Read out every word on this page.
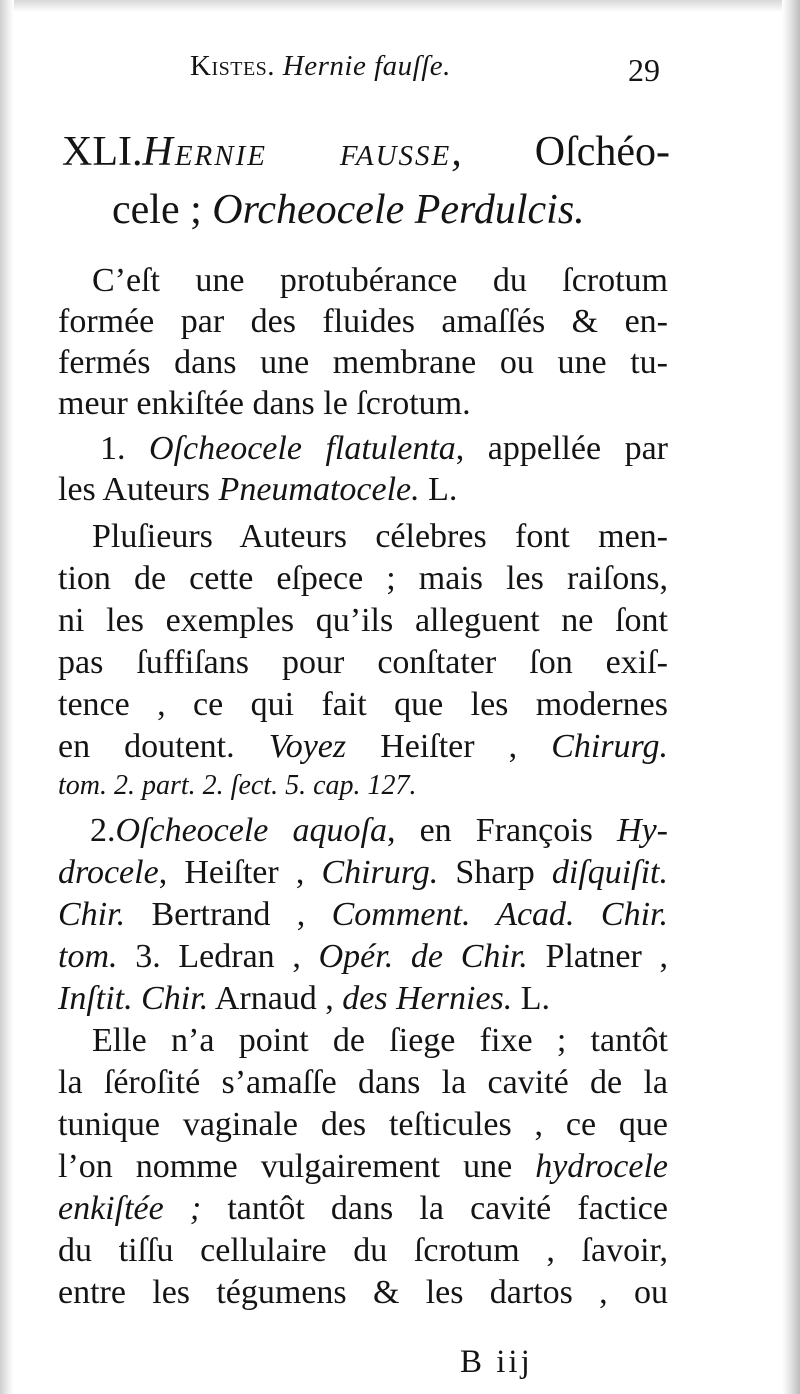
Kistes. Hernie fauſſe.	29
XLI.Hernie fausse, Oſchéo-
cele ; Orcheocele Perdulcis.
C’eſt une protubérance du ſcrotum
formée par des fluides amaſſés & en-
fermés dans une membrane ou une tu-
meur enkiſtée dans le ſcrotum.
1. Oſcheocele flatulenta, appellée par
les Auteurs Pneumatocele. L.
Pluſieurs Auteurs célebres font men-
tion de cette eſpece ; mais les raiſons,
ni les exemples qu’ils alleguent ne ſont
pas ſuffiſans pour conſtater ſon exiſ-
tence , ce qui fait que les modernes
en doutent. Voyez Heiſter , Chirurg.
tom. 2. part. 2. ſect. 5. cap. 127.
2.Oſcheocele aquoſa, en François Hy-
drocele, Heiſter , Chirurg. Sharp diſquiſit.
Chir. Bertrand , Comment. Acad. Chir.
tom. 3. Ledran , Opér. de Chir. Platner ,
Inſtit. Chir. Arnaud , des Hernies. L.
Elle n’a point de ſiege fixe ; tantôt
la ſéroſité s’amaſſe dans la cavité de la
tunique vaginale des teſticules , ce que
l’on nomme vulgairement une hydrocele
enkiſtée ; tantôt dans la cavité factice
du tiſſu cellulaire du ſcrotum , ſavoir,
entre les tégumens & les dartos , ou
B iij
